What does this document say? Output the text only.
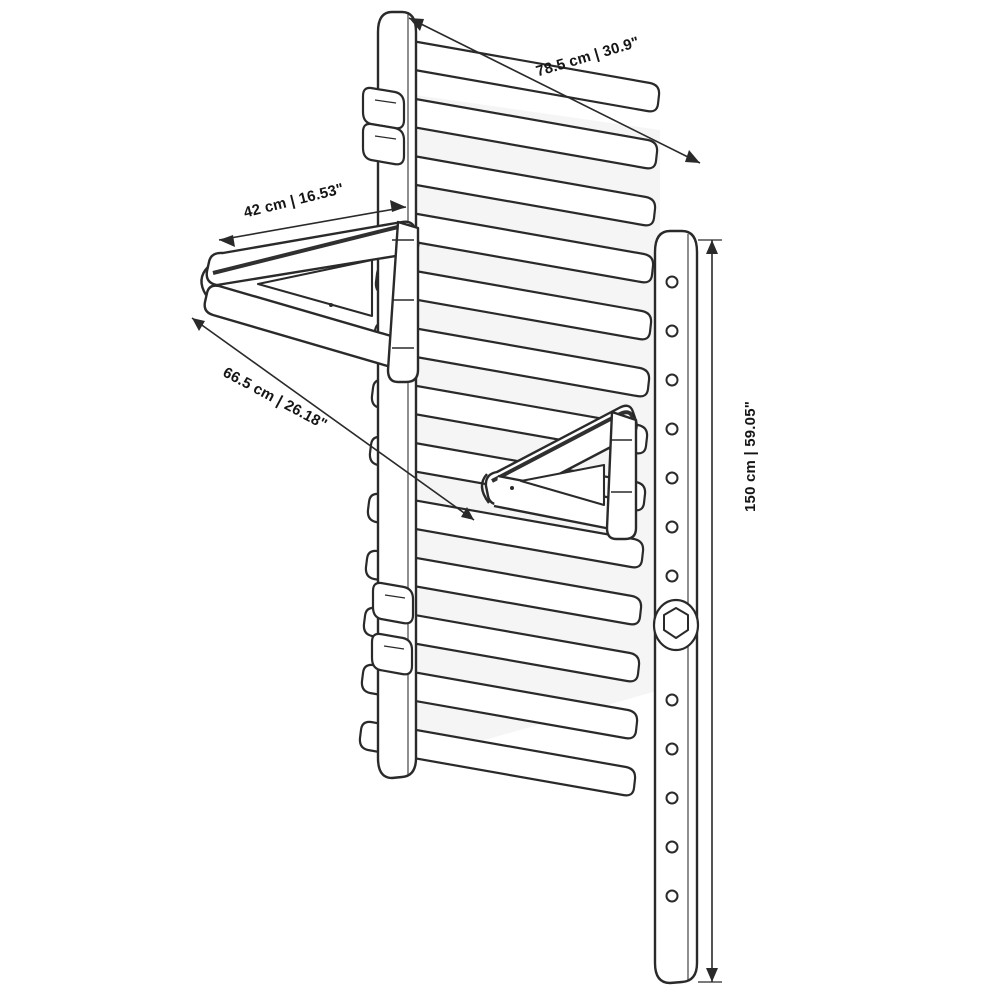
78.5 cm | 30.9"
42 cm | 16.53"
66.5 cm | 26.18"
150 cm | 59.05"
